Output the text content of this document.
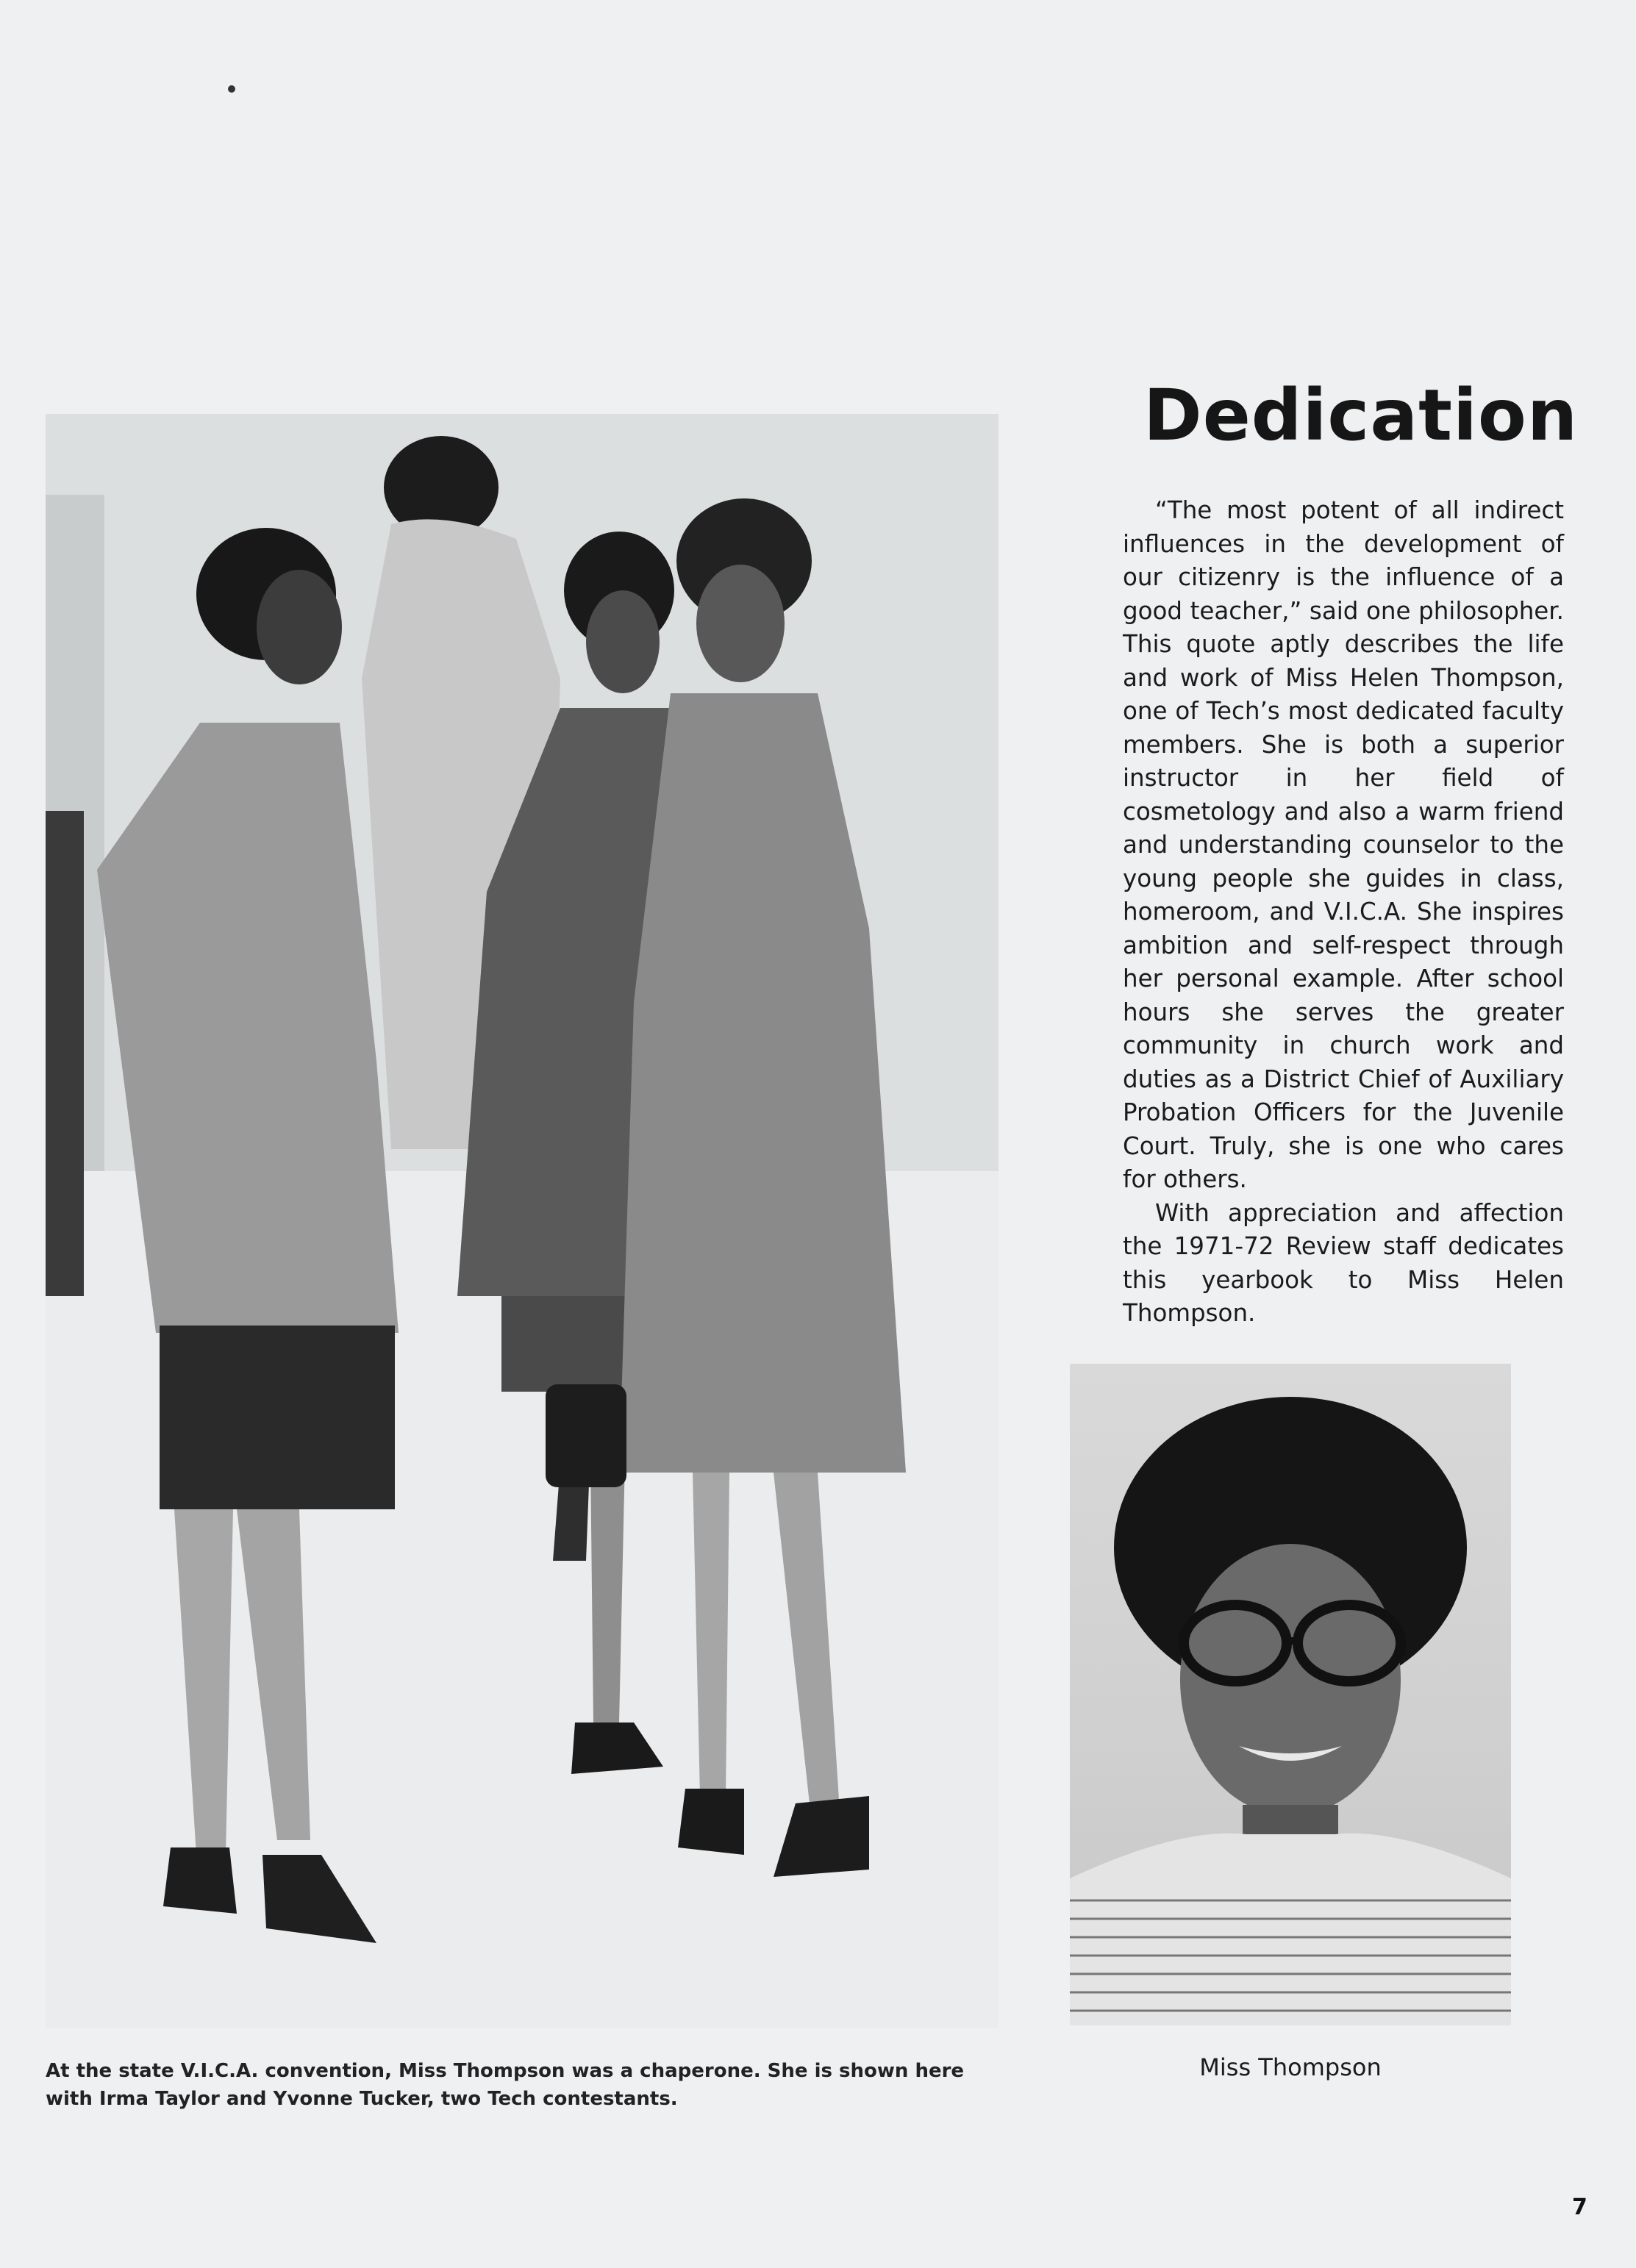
At the state V.I.C.A. convention, Miss Thompson was a chaperone. She is shown here with Irma Taylor and Yvonne Tucker, two Tech contestants.

Dedication

“The most potent of all indirect influences in the development of our citizenry is the influence of a good teacher,” said one philosopher. This quote aptly describes the life and work of Miss Helen Thompson, one of Tech’s most dedicated faculty members. She is both a superior instructor in her field of cosmetology and also a warm friend and understanding counselor to the young people she guides in class, homeroom, and V.I.C.A. She inspires ambition and self-respect through her personal example. After school hours she serves the greater community in church work and duties as a District Chief of Auxiliary Probation Officers for the Juvenile Court. Truly, she is one who cares for others.

With appreciation and affection the 1971-72 Review staff dedicates this yearbook to Miss Helen Thompson.

Miss Thompson

7
